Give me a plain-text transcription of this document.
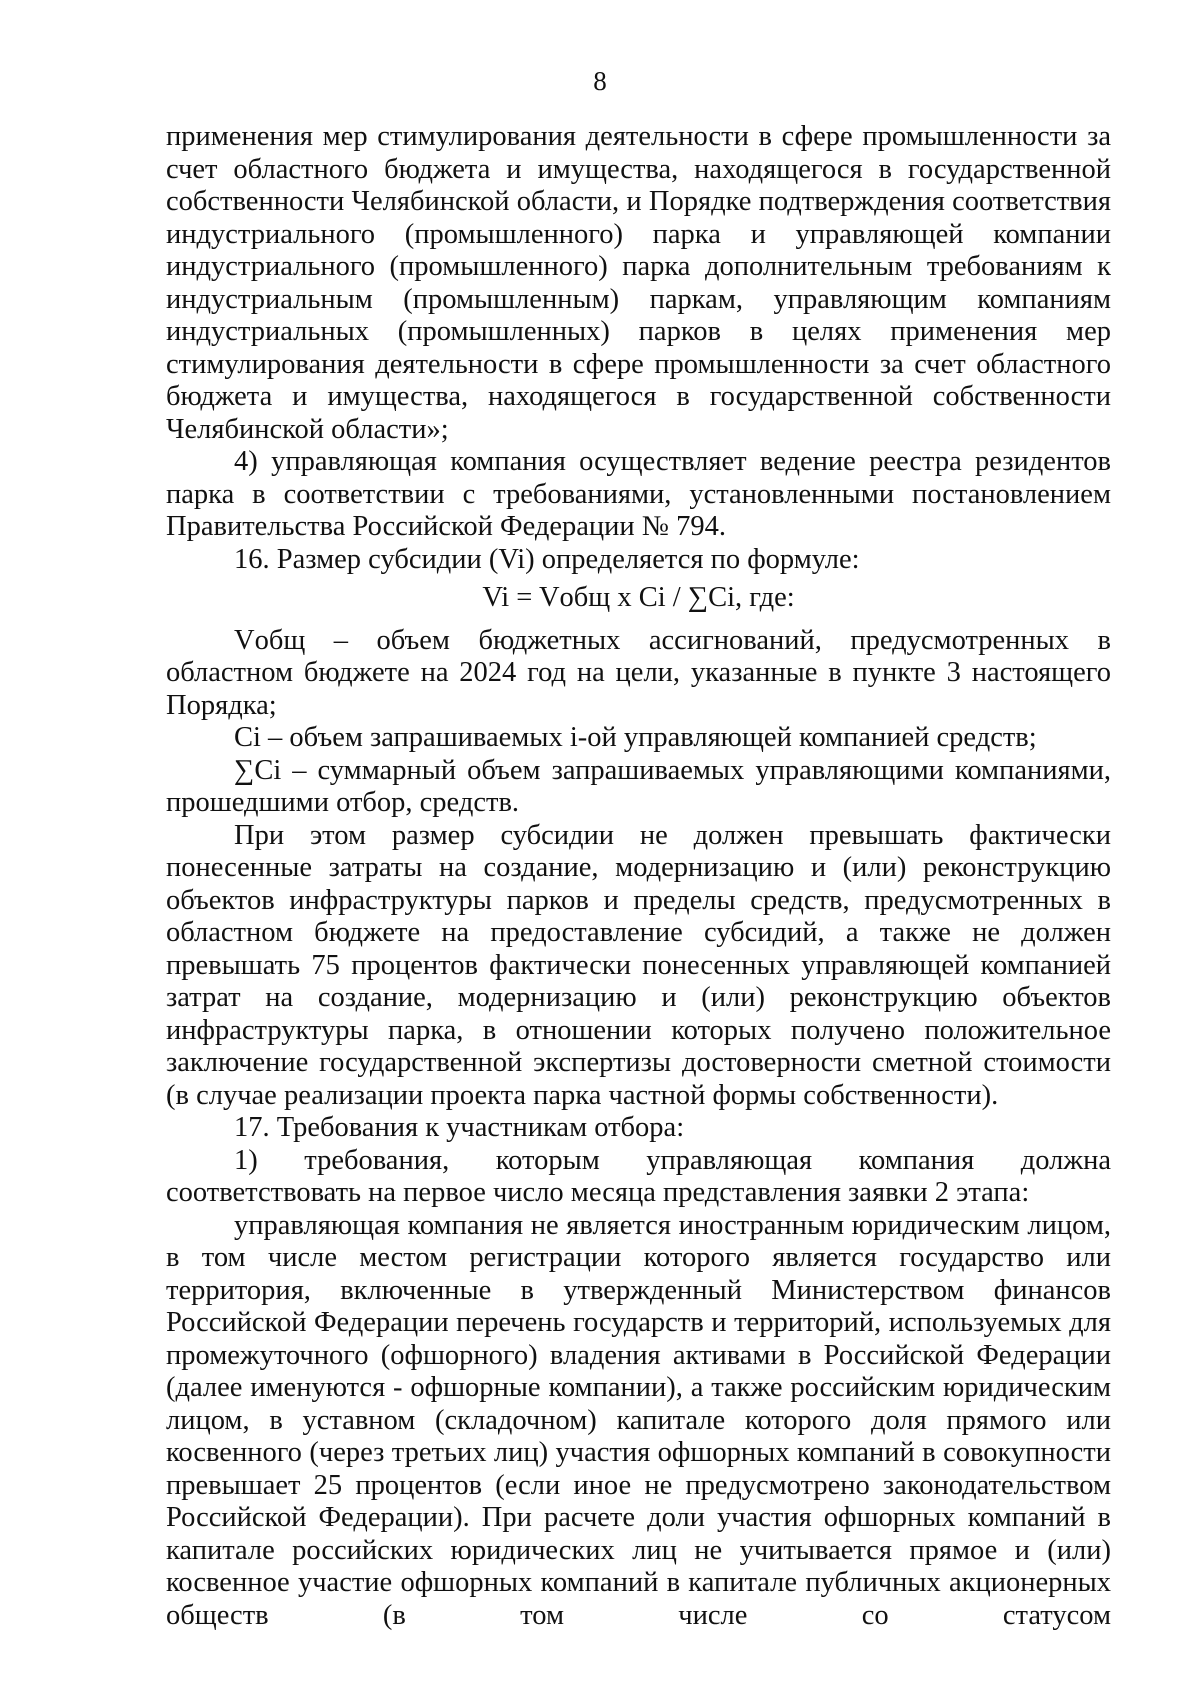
8

применения мер стимулирования деятельности в сфере промышленности за счет областного бюджета и имущества, находящегося в государственной собственности Челябинской области, и Порядке подтверждения соответствия индустриального (промышленного) парка и управляющей компании индустриального (промышленного) парка дополнительным требованиям к индустриальным (промышленным) паркам, управляющим компаниям индустриальных (промышленных) парков в целях применения мер стимулирования деятельности в сфере промышленности за счет областного бюджета и имущества, находящегося в государственной собственности Челябинской области»;

4) управляющая компания осуществляет ведение реестра резидентов парка в соответствии с требованиями, установленными постановлением Правительства Российской Федерации № 794.

16. Размер субсидии (Vi) определяется по формуле:

Vi = Vобщ x Ci / ∑Ci, где:

Vобщ – объем бюджетных ассигнований, предусмотренных в областном бюджете на 2024 год на цели, указанные в пункте 3 настоящего Порядка;

Ci – объем запрашиваемых i-ой управляющей компанией средств;

∑Ci – суммарный объем запрашиваемых управляющими компаниями, прошедшими отбор, средств.

При этом размер субсидии не должен превышать фактически понесенные затраты на создание, модернизацию и (или) реконструкцию объектов инфраструктуры парков и пределы средств, предусмотренных в областном бюджете на предоставление субсидий, а также не должен превышать 75 процентов фактически понесенных управляющей компанией затрат на создание, модернизацию и (или) реконструкцию объектов инфраструктуры парка, в отношении которых получено положительное заключение государственной экспертизы достоверности сметной стоимости (в случае реализации проекта парка частной формы собственности).

17. Требования к участникам отбора:

1) требования, которым управляющая компания должна соответствовать на первое число месяца представления заявки 2 этапа:

управляющая компания не является иностранным юридическим лицом, в том числе местом регистрации которого является государство или территория, включенные в утвержденный Министерством финансов Российской Федерации перечень государств и территорий, используемых для промежуточного (офшорного) владения активами в Российской Федерации (далее именуются - офшорные компании), а также российским юридическим лицом, в уставном (складочном) капитале которого доля прямого или косвенного (через третьих лиц) участия офшорных компаний в совокупности превышает 25 процентов (если иное не предусмотрено законодательством Российской Федерации). При расчете доли участия офшорных компаний в капитале российских юридических лиц не учитывается прямое и (или) косвенное участие офшорных компаний в капитале публичных акционерных обществ (в том числе со статусом
